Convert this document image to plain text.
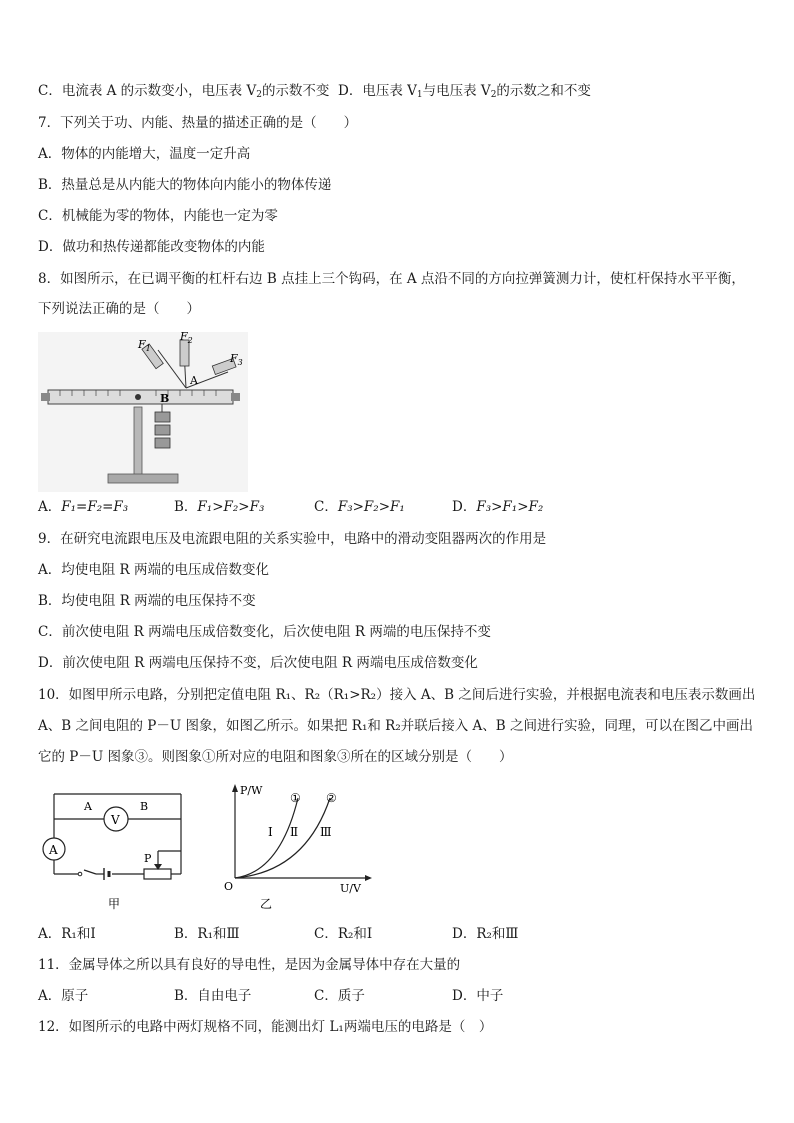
C．电流表 A 的示数变小，电压表 $V_2$的示数不变 D．电压表 $V_1$与电压表 $V_2$的示数之和不变
7．下列关于功、内能、热量的描述正确的是（　　）
A．物体的内能增大，温度一定升高
B．热量总是从内能大的物体向内能小的物体传递
C．机械能为零的物体，内能也一定为零
D．做功和热传递都能改变物体的内能
8．如图所示，在已调平衡的杠杆右边 B 点挂上三个钩码，在 A 点沿不同的方向拉弹簧测力计，使杠杆保持水平平衡，
下列说法正确的是（　　）
$F_1$
$F_2$
$F_3$
A
B
A．F₁=F₂=F₃	B．F₁>F₂>F₃	C．F₃>F₂>F₁	D．F₃>F₁>F₂
9．在研究电流跟电压及电流跟电阻的关系实验中，电路中的滑动变阻器两次的作用是
A．均使电阻 R 两端的电压成倍数变化
B．均使电阻 R 两端的电压保持不变
C．前次使电阻 R 两端电压成倍数变化，后次使电阻 R 两端的电压保持不变
D．前次使电阻 R 两端电压保持不变，后次使电阻 R 两端电压成倍数变化
10．如图甲所示电路，分别把定值电阻 R₁、R₂（R₁>R₂）接入 A、B 之间后进行实验，并根据电流表和电压表示数画出
A、B 之间电阻的 P－U 图象，如图乙所示。如果把 R₁和 R₂并联后接入 A、B 之间进行实验，同理，可以在图乙中画出
它的 P－U 图象③。则图象①所对应的电阻和图象③所在的区域分别是（　　）
V
A
A	B
P
甲
P/W
U/V
O
① ②
Ⅰ Ⅱ Ⅲ
乙
A．R₁和Ⅰ	B．R₁和Ⅲ	C．R₂和Ⅰ	D．R₂和Ⅲ
11．金属导体之所以具有良好的导电性，是因为金属导体中存在大量的
A．原子	B．自由电子	C．质子	D．中子
12．如图所示的电路中两灯规格不同，能测出灯 L₁两端电压的电路是（　）
